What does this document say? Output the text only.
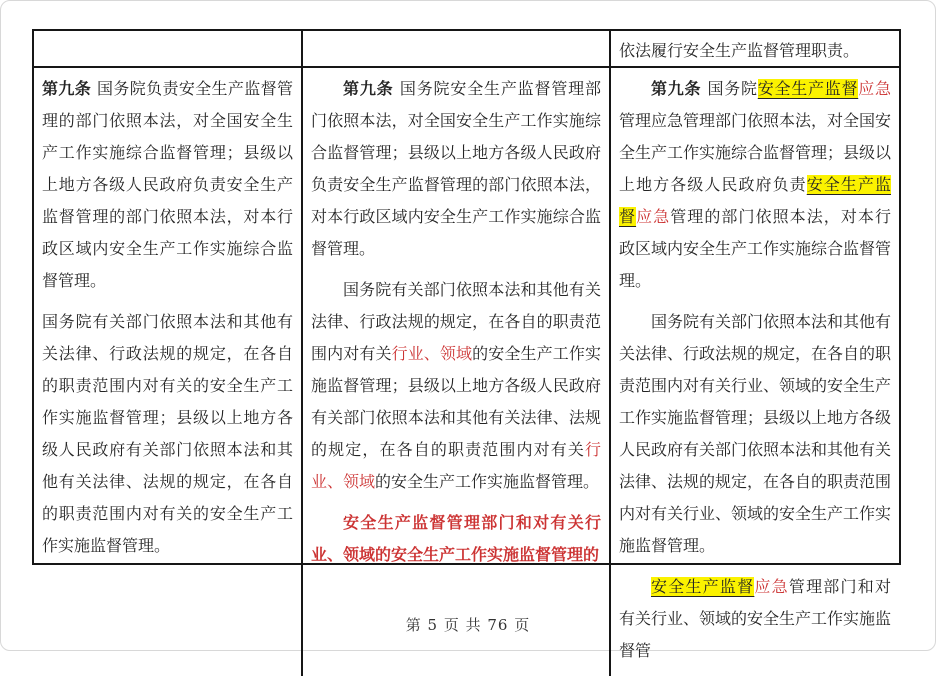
依法履行安全生产监督管理职责。

第九条 国务院负责安全生产监督管理的部门依照本法，对全国安全生产工作实施综合监督管理；县级以上地方各级人民政府负责安全生产监督管理的部门依照本法，对本行政区域内安全生产工作实施综合监督管理。

国务院有关部门依照本法和其他有关法律、行政法规的规定，在各自的职责范围内对有关的安全生产工作实施监督管理；县级以上地方各级人民政府有关部门依照本法和其他有关法律、法规的规定，在各自的职责范围内对有关的安全生产工作实施监督管理。

第九条 国务院安全生产监督管理部门依照本法，对全国安全生产工作实施综合监督管理；县级以上地方各级人民政府负责安全生产监督管理的部门依照本法，对本行政区域内安全生产工作实施综合监督管理。

国务院有关部门依照本法和其他有关法律、行政法规的规定，在各自的职责范围内对有关行业、领域的安全生产工作实施监督管理；县级以上地方各级人民政府有关部门依照本法和其他有关法律、法规的规定，在各自的职责范围内对有关行业、领域的安全生产工作实施监督管理。

安全生产监督管理部门和对有关行业、领域的安全生产工作实施监督管理的

第九条 国务院安全生产监督应急管理应急管理部门依照本法，对全国安全生产工作实施综合监督管理；县级以上地方各级人民政府负责安全生产监督应急管理的部门依照本法，对本行政区域内安全生产工作实施综合监督管理。

国务院有关部门依照本法和其他有关法律、行政法规的规定，在各自的职责范围内对有关行业、领域的安全生产工作实施监督管理；县级以上地方各级人民政府有关部门依照本法和其他有关法律、法规的规定，在各自的职责范围内对有关行业、领域的安全生产工作实施监督管理。

安全生产监督应急管理部门和对有关行业、领域的安全生产工作实施监督管

第 5 页 共 76 页
